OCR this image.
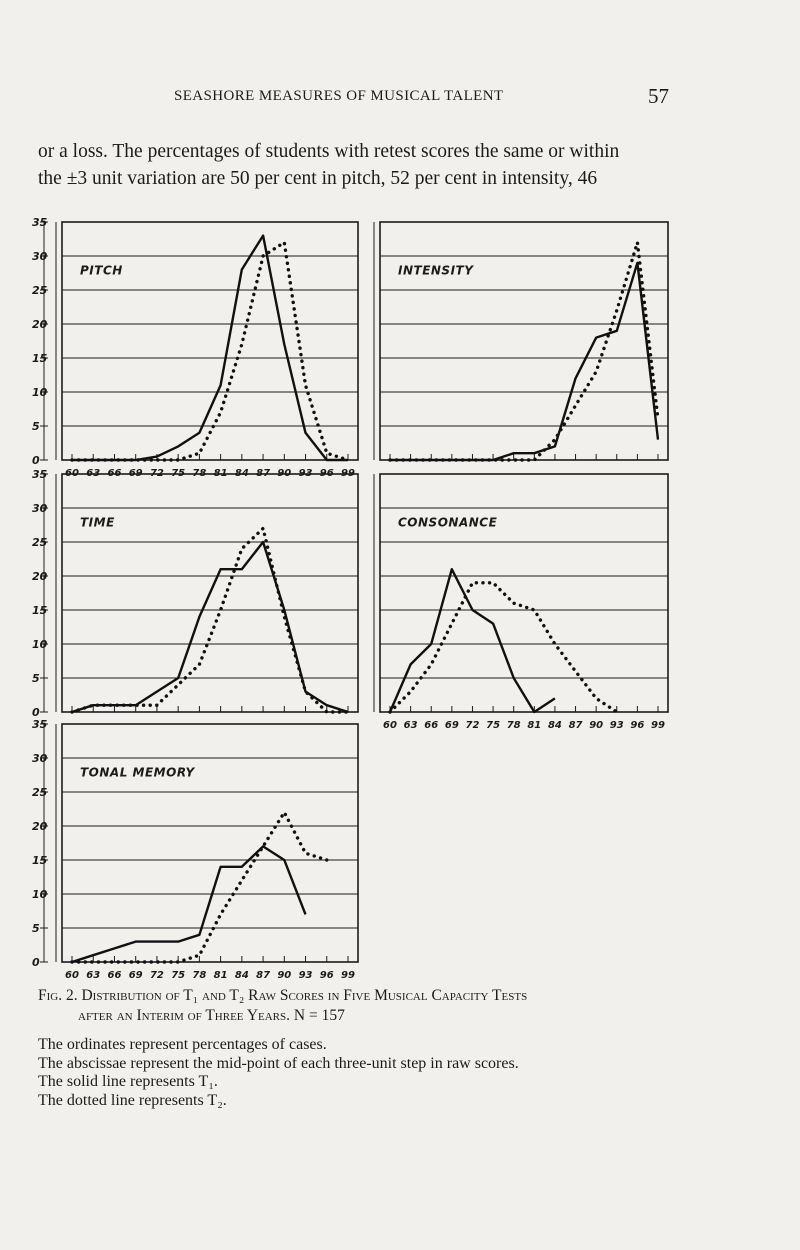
SEASHORE MEASURES OF MUSICAL TALENT	57

or a loss. The percentages of students with retest scores the same or within

the ±3 unit variation are 50 per cent in pitch, 52 per cent in intensity, 46

0
5
10
15
20
25
30
35
PITCH
60 63 66 69 72 75 78 81 84 87 90 93 96 99
INTENSITY
0
5
10
15
20
25
30
35
TIME	CONSONANCE
60 63 66 69 72 75 78 81 84 87 90 93 96 99
0
5
10
15
20
25
30
35
TONAL MEMORY
60 63 66 69 72 75 78 81 84 87 90 93 96 99
Fig. 2. Distribution of T₁ and T₂ Raw Scores in Five Musical Capacity Tests
after an Interim of Three Years. N = 157
The ordinates represent percentages of cases.
The abscissae represent the mid-point of each three-unit step in raw scores.
The solid line represents T₁.
The dotted line represents T₂.
